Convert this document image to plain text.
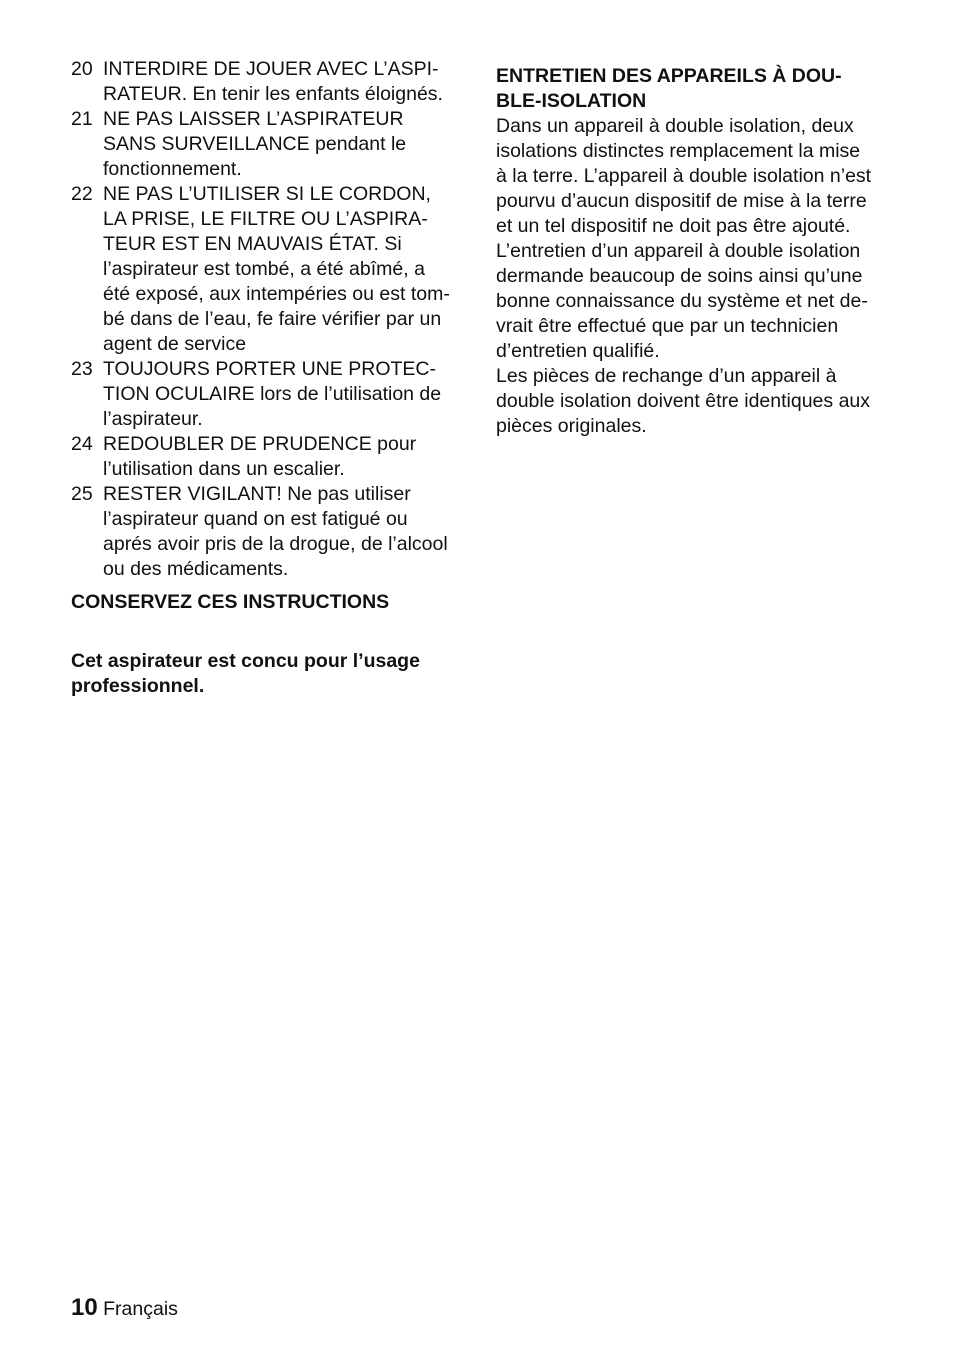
20 INTERDIRE DE JOUER AVEC L’ASPI-
RATEUR. En tenir les enfants éloignés.
21 NE PAS LAISSER L’ASPIRATEUR
SANS SURVEILLANCE pendant le
fonctionnement.
22 NE PAS L’UTILISER SI LE CORDON,
LA PRISE, LE FILTRE OU L’ASPIRA-
TEUR EST EN MAUVAIS ÉTAT. Si
l’aspirateur est tombé, a été abîmé, a
été exposé, aux intempéries ou est tom-
bé dans de l’eau, fe faire vérifier par un
agent de service
23 TOUJOURS PORTER UNE PROTEC-
TION OCULAIRE lors de l’utilisation de
l’aspirateur.
24 REDOUBLER DE PRUDENCE pour
l’utilisation dans un escalier.
25 RESTER VIGILANT! Ne pas utiliser
l’aspirateur quand on est fatigué ou
aprés avoir pris de la drogue, de l’alcool
ou des médicaments.
CONSERVEZ CES INSTRUCTIONS
Cet aspirateur est concu pour l’usage
professionnel.
ENTRETIEN DES APPAREILS À DOU-
BLE-ISOLATION
Dans un appareil à double isolation, deux
isolations distinctes remplacement la mise
à la terre. L’appareil à double isolation n’est
pourvu d’aucun dispositif de mise à la terre
et un tel dispositif ne doit pas être ajouté.
L’entretien d’un appareil à double isolation
dermande beaucoup de soins ainsi qu’une
bonne connaissance du système et net de-
vrait être effectué que par un technicien
d’entretien qualifié.
Les pièces de rechange d’un appareil à
double isolation doivent être identiques aux
pièces originales.
10 Français
